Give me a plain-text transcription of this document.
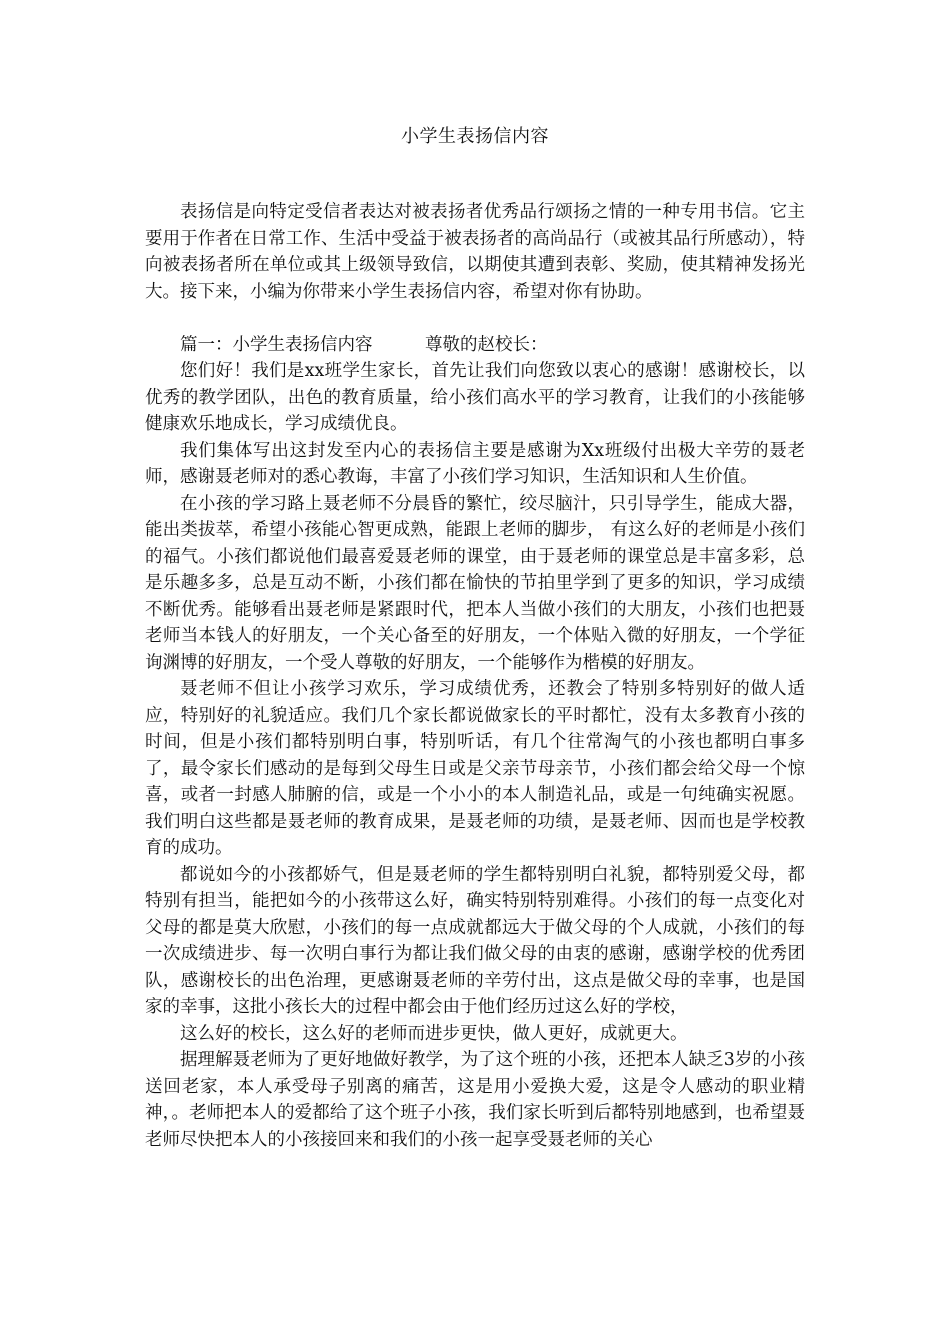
小学生表扬信内容

表扬信是向特定受信者表达对被表扬者优秀品行颂扬之情的一种专用书信。它主要用于作者在日常工作、生活中受益于被表扬者的高尚品行（或被其品行所感动），特向被表扬者所在单位或其上级领导致信，以期使其遭到表彰、奖励，使其精神发扬光大。接下来，小编为你带来小学生表扬信内容，希望对你有协助。

篇一：小学生表扬信内容	尊敬的赵校长：

您们好！我们是xx班学生家长，首先让我们向您致以衷心的感谢！感谢校长，以优秀的教学团队，出色的教育质量，给小孩们高水平的学习教育，让我们的小孩能够健康欢乐地成长，学习成绩优良。

我们集体写出这封发至内心的表扬信主要是感谢为Xx班级付出极大辛劳的聂老师，感谢聂老师对的悉心教诲，丰富了小孩们学习知识，生活知识和人生价值。

在小孩的学习路上聂老师不分晨昏的繁忙，绞尽脑汁，只引导学生，能成大器，能出类拔萃，希望小孩能心智更成熟，能跟上老师的脚步， 有这么好的老师是小孩们的福气。小孩们都说他们最喜爱聂老师的课堂，由于聂老师的课堂总是丰富多彩，总是乐趣多多，总是互动不断，小孩们都在愉快的节拍里学到了更多的知识，学习成绩不断优秀。能够看出聂老师是紧跟时代，把本人当做小孩们的大朋友，小孩们也把聂老师当本钱人的好朋友，一个关心备至的好朋友，一个体贴入微的好朋友，一个学征询渊博的好朋友，一个受人尊敬的好朋友，一个能够作为楷模的好朋友。

聂老师不但让小孩学习欢乐，学习成绩优秀，还教会了特别多特别好的做人适应，特别好的礼貌适应。我们几个家长都说做家长的平时都忙，没有太多教育小孩的时间，但是小孩们都特别明白事，特别听话，有几个往常淘气的小孩也都明白事多了，最令家长们感动的是每到父母生日或是父亲节母亲节，小孩们都会给父母一个惊喜，或者一封感人肺腑的信，或是一个小小的本人制造礼品，或是一句纯确实祝愿。我们明白这些都是聂老师的教育成果，是聂老师的功绩，是聂老师、因而也是学校教育的成功。

都说如今的小孩都娇气，但是聂老师的学生都特别明白礼貌，都特别爱父母，都特别有担当，能把如今的小孩带这么好，确实特别特别难得。小孩们的每一点变化对父母的都是莫大欣慰，小孩们的每一点成就都远大于做父母的个人成就，小孩们的每一次成绩进步、每一次明白事行为都让我们做父母的由衷的感谢，感谢学校的优秀团队，感谢校长的出色治理，更感谢聂老师的辛劳付出，这点是做父母的幸事，也是国家的幸事，这批小孩长大的过程中都会由于他们经历过这么好的学校，

这么好的校长，这么好的老师而进步更快，做人更好，成就更大。

据理解聂老师为了更好地做好教学，为了这个班的小孩，还把本人缺乏3岁的小孩送回老家，本人承受母子别离的痛苦，这是用小爱换大爱，这是令人感动的职业精神，。老师把本人的爱都给了这个班子小孩，我们家长听到后都特别地感到，也希望聂老师尽快把本人的小孩接回来和我们的小孩一起享受聂老师的关心
